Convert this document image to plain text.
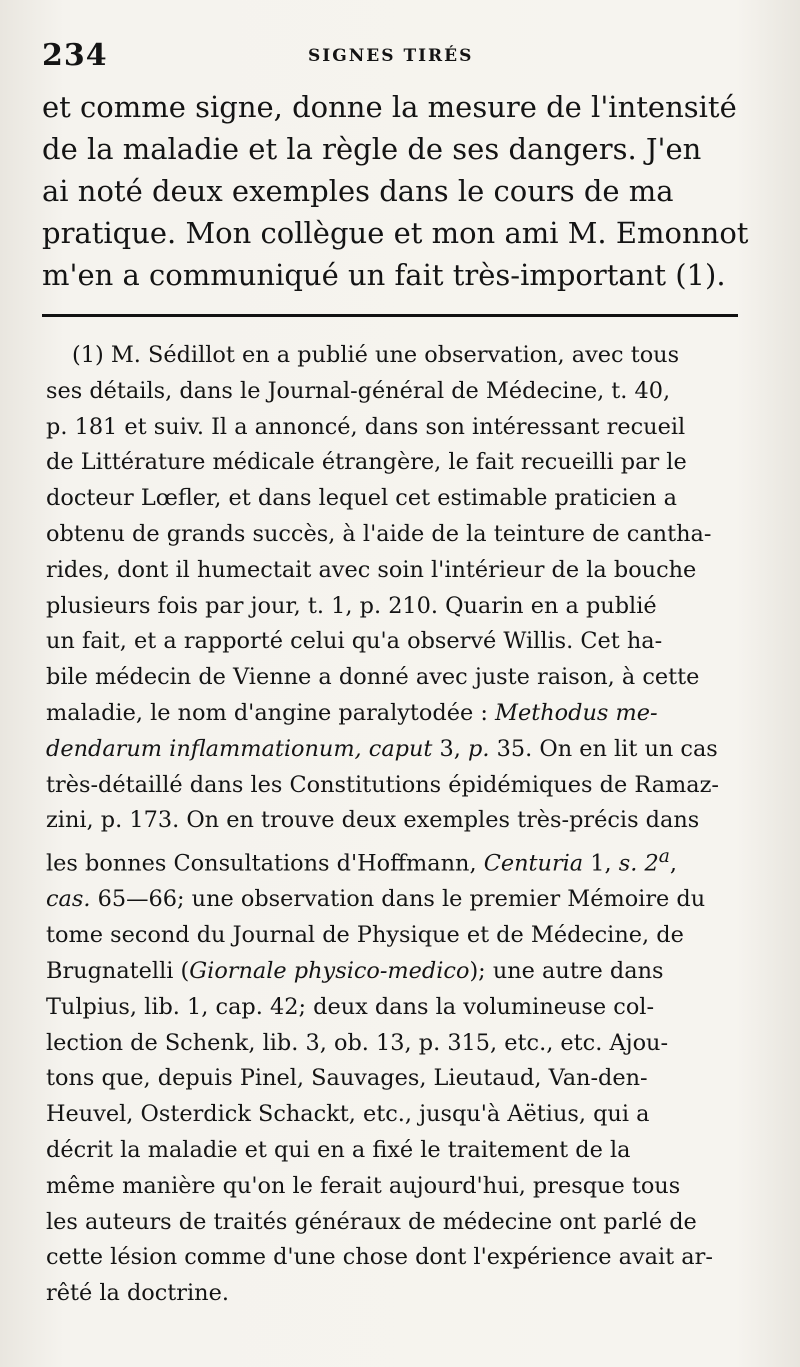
234	SIGNES TIRÉS
et comme signe, donne la mesure de l'intensité
de la maladie et la règle de ses dangers. J'en
ai noté deux exemples dans le cours de ma
pratique. Mon collègue et mon ami M. Emonnot
m'en a communiqué un fait très-important (1).
(1) M. Sédillot en a publié une observation, avec tous
ses détails, dans le Journal-général de Médecine, t. 40,
p. 181 et suiv. Il a annoncé, dans son intéressant recueil
de Littérature médicale étrangère, le fait recueilli par le
docteur Lœfler, et dans lequel cet estimable praticien a
obtenu de grands succès, à l'aide de la teinture de cantha-
rides, dont il humectait avec soin l'intérieur de la bouche
plusieurs fois par jour, t. 1, p. 210. Quarin en a publié
un fait, et a rapporté celui qu'a observé Willis. Cet ha-
bile médecin de Vienne a donné avec juste raison, à cette
maladie, le nom d'angine paralytodée : Methodus me-
dendarum inflammationum, caput 3, p. 35. On en lit un cas
très-détaillé dans les Constitutions épidémiques de Ramaz-
zini, p. 173. On en trouve deux exemples très-précis dans
les bonnes Consultations d'Hoffmann, Centuria 1, s. 2$^a$,
cas. 65—66; une observation dans le premier Mémoire du
tome second du Journal de Physique et de Médecine, de
Brugnatelli (Giornale physico-medico); une autre dans
Tulpius, lib. 1, cap. 42; deux dans la volumineuse col-
lection de Schenk, lib. 3, ob. 13, p. 315, etc., etc. Ajou-
tons que, depuis Pinel, Sauvages, Lieutaud, Van-den-
Heuvel, Osterdick Schackt, etc., jusqu'à Aëtius, qui a
décrit la maladie et qui en a fixé le traitement de la
même manière qu'on le ferait aujourd'hui, presque tous
les auteurs de traités généraux de médecine ont parlé de
cette lésion comme d'une chose dont l'expérience avait ar-
rêté la doctrine.
